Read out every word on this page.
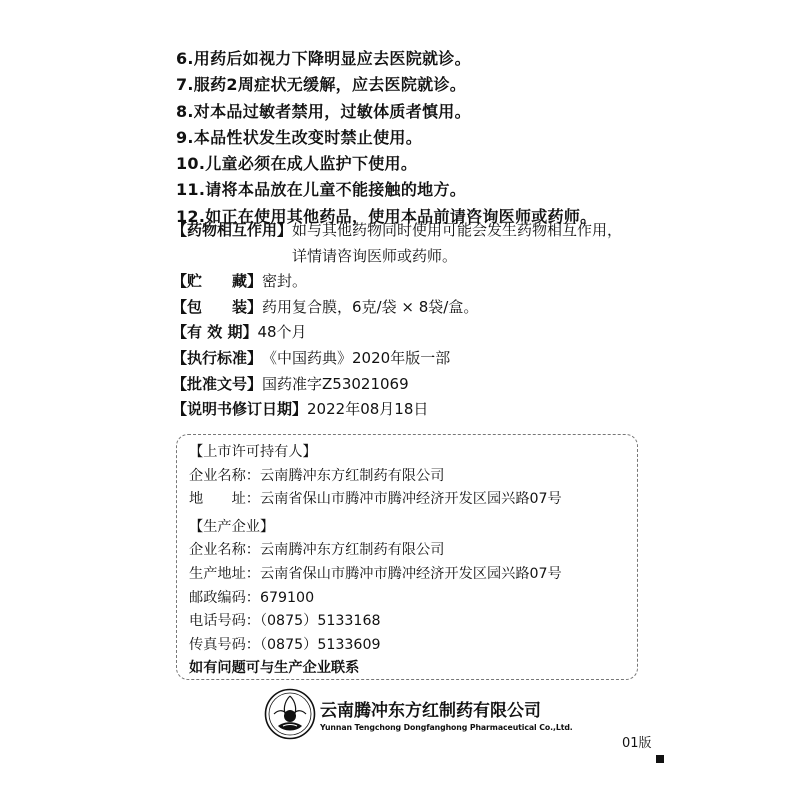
6.用药后如视力下降明显应去医院就诊。
7.服药2周症状无缓解，应去医院就诊。
8.对本品过敏者禁用，过敏体质者慎用。
9.本品性状发生改变时禁止使用。
10.儿童必须在成人监护下使用。
11.请将本品放在儿童不能接触的地方。
12.如正在使用其他药品，使用本品前请咨询医师或药师。
【药物相互作用】 如与其他药物同时使用可能会发生药物相互作用，详情请咨询医师或药师。
【贮　　藏】 密封。
【包　　装】 药用复合膜，6克/袋 × 8袋/盒。
【有 效 期】 48个月
【执行标准】 《中国药典》2020年版一部
【批准文号】 国药准字Z53021069
【说明书修订日期】 2022年08月18日
【上市许可持有人】
企业名称：云南腾冲东方红制药有限公司
地　　址：云南省保山市腾冲市腾冲经济开发区园兴路07号
【生产企业】
企业名称：云南腾冲东方红制药有限公司
生产地址：云南省保山市腾冲市腾冲经济开发区园兴路07号
邮政编码：679100
电话号码：（0875）5133168
传真号码：（0875）5133609
如有问题可与生产企业联系
云南腾冲东方红制药有限公司
Yunnan Tengchong Dongfanghong Pharmaceutical Co.,Ltd.
01版
